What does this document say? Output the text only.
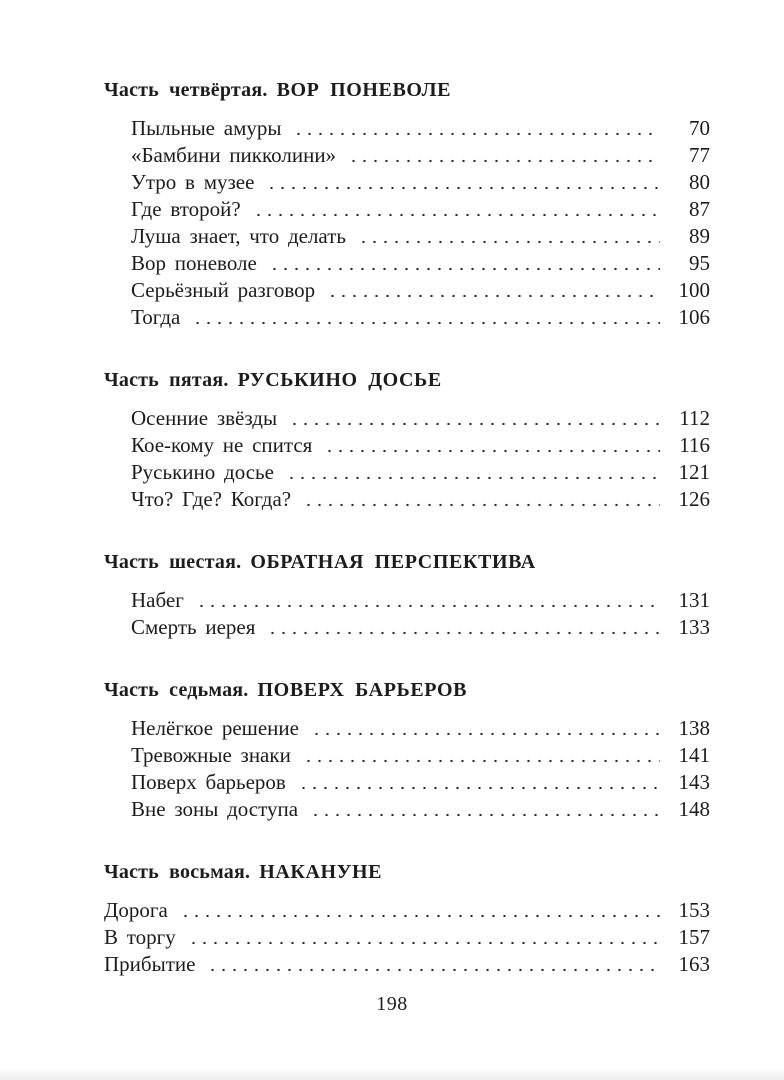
Часть четвёртая. ВОР ПОНЕВОЛЕ
Пыльные амуры	70
«Бамбини пикколини»	77
Утро в музее	80
Где второй?	87
Луша знает, что делать	89
Вор поневоле	95
Серьёзный разговор	100
Тогда	106
Часть пятая. РУСЬКИНО ДОСЬЕ
Осенние звёзды	112
Кое-кому не спится	116
Руськино досье	121
Что? Где? Когда?	126
Часть шестая. ОБРАТНАЯ ПЕРСПЕКТИВА
Набег	131
Смерть иерея	133
Часть седьмая. ПОВЕРХ БАРЬЕРОВ
Нелёгкое решение	138
Тревожные знаки	141
Поверх барьеров	143
Вне зоны доступа	148
Часть восьмая. НАКАНУНЕ
Дорога	153
В торгу	157
Прибытие	163
198
